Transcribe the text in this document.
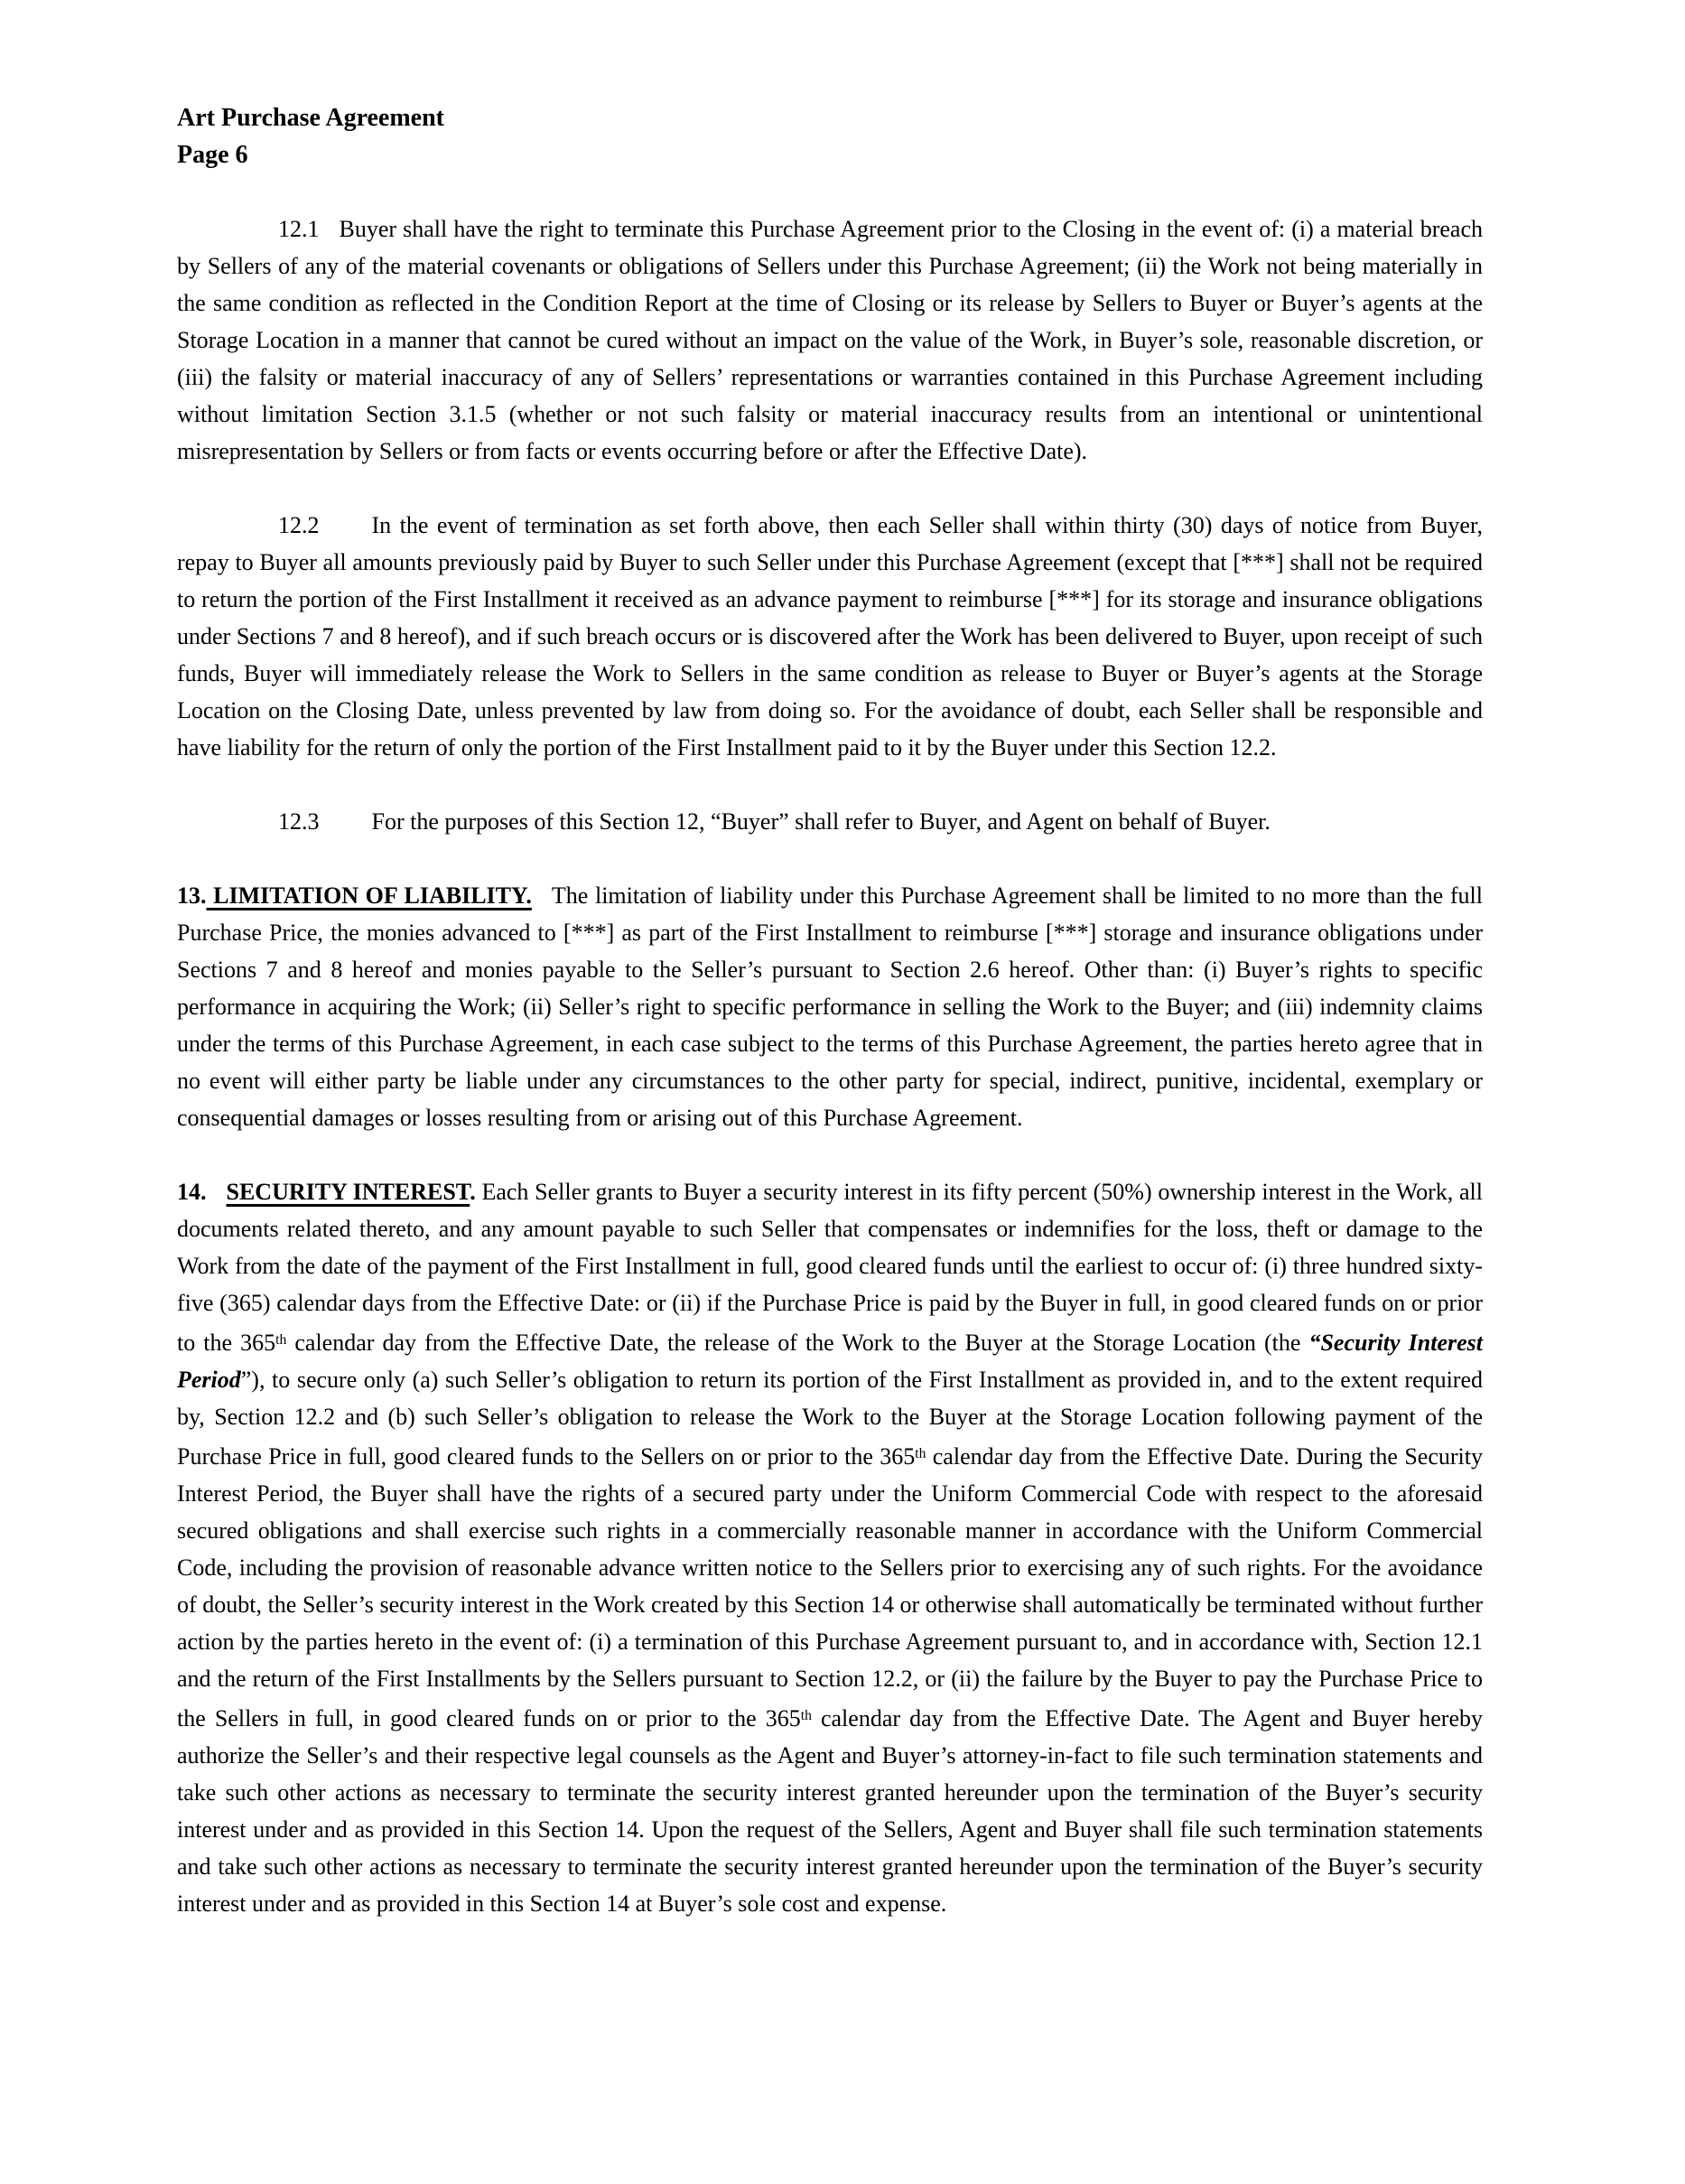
Art Purchase Agreement
Page 6

12.1 Buyer shall have the right to terminate this Purchase Agreement prior to the Closing in the event of: (i) a material breach by Sellers of any of the material covenants or obligations of Sellers under this Purchase Agreement; (ii) the Work not being materially in the same condition as reflected in the Condition Report at the time of Closing or its release by Sellers to Buyer or Buyer’s agents at the Storage Location in a manner that cannot be cured without an impact on the value of the Work, in Buyer’s sole, reasonable discretion, or (iii) the falsity or material inaccuracy of any of Sellers’ representations or warranties contained in this Purchase Agreement including without limitation Section 3.1.5 (whether or not such falsity or material inaccuracy results from an intentional or unintentional misrepresentation by Sellers or from facts or events occurring before or after the Effective Date).

12.2 In the event of termination as set forth above, then each Seller shall within thirty (30) days of notice from Buyer, repay to Buyer all amounts previously paid by Buyer to such Seller under this Purchase Agreement (except that [***] shall not be required to return the portion of the First Installment it received as an advance payment to reimburse [***] for its storage and insurance obligations under Sections 7 and 8 hereof), and if such breach occurs or is discovered after the Work has been delivered to Buyer, upon receipt of such funds, Buyer will immediately release the Work to Sellers in the same condition as release to Buyer or Buyer’s agents at the Storage Location on the Closing Date, unless prevented by law from doing so. For the avoidance of doubt, each Seller shall be responsible and have liability for the return of only the portion of the First Installment paid to it by the Buyer under this Section 12.2.

12.3 For the purposes of this Section 12, “Buyer” shall refer to Buyer, and Agent on behalf of Buyer.

13. LIMITATION OF LIABILITY. The limitation of liability under this Purchase Agreement shall be limited to no more than the full Purchase Price, the monies advanced to [***] as part of the First Installment to reimburse [***] storage and insurance obligations under Sections 7 and 8 hereof and monies payable to the Seller’s pursuant to Section 2.6 hereof. Other than: (i) Buyer’s rights to specific performance in acquiring the Work; (ii) Seller’s right to specific performance in selling the Work to the Buyer; and (iii) indemnity claims under the terms of this Purchase Agreement, in each case subject to the terms of this Purchase Agreement, the parties hereto agree that in no event will either party be liable under any circumstances to the other party for special, indirect, punitive, incidental, exemplary or consequential damages or losses resulting from or arising out of this Purchase Agreement.

14. SECURITY INTEREST. Each Seller grants to Buyer a security interest in its fifty percent (50%) ownership interest in the Work, all documents related thereto, and any amount payable to such Seller that compensates or indemnifies for the loss, theft or damage to the Work from the date of the payment of the First Installment in full, good cleared funds until the earliest to occur of: (i) three hundred sixty-five (365) calendar days from the Effective Date: or (ii) if the Purchase Price is paid by the Buyer in full, in good cleared funds on or prior to the 365th calendar day from the Effective Date, the release of the Work to the Buyer at the Storage Location (the “Security Interest Period”), to secure only (a) such Seller’s obligation to return its portion of the First Installment as provided in, and to the extent required by, Section 12.2 and (b) such Seller’s obligation to release the Work to the Buyer at the Storage Location following payment of the Purchase Price in full, good cleared funds to the Sellers on or prior to the 365th calendar day from the Effective Date. During the Security Interest Period, the Buyer shall have the rights of a secured party under the Uniform Commercial Code with respect to the aforesaid secured obligations and shall exercise such rights in a commercially reasonable manner in accordance with the Uniform Commercial Code, including the provision of reasonable advance written notice to the Sellers prior to exercising any of such rights. For the avoidance of doubt, the Seller’s security interest in the Work created by this Section 14 or otherwise shall automatically be terminated without further action by the parties hereto in the event of: (i) a termination of this Purchase Agreement pursuant to, and in accordance with, Section 12.1 and the return of the First Installments by the Sellers pursuant to Section 12.2, or (ii) the failure by the Buyer to pay the Purchase Price to the Sellers in full, in good cleared funds on or prior to the 365th calendar day from the Effective Date. The Agent and Buyer hereby authorize the Seller’s and their respective legal counsels as the Agent and Buyer’s attorney-in-fact to file such termination statements and take such other actions as necessary to terminate the security interest granted hereunder upon the termination of the Buyer’s security interest under and as provided in this Section 14. Upon the request of the Sellers, Agent and Buyer shall file such termination statements and take such other actions as necessary to terminate the security interest granted hereunder upon the termination of the Buyer’s security interest under and as provided in this Section 14 at Buyer’s sole cost and expense.
